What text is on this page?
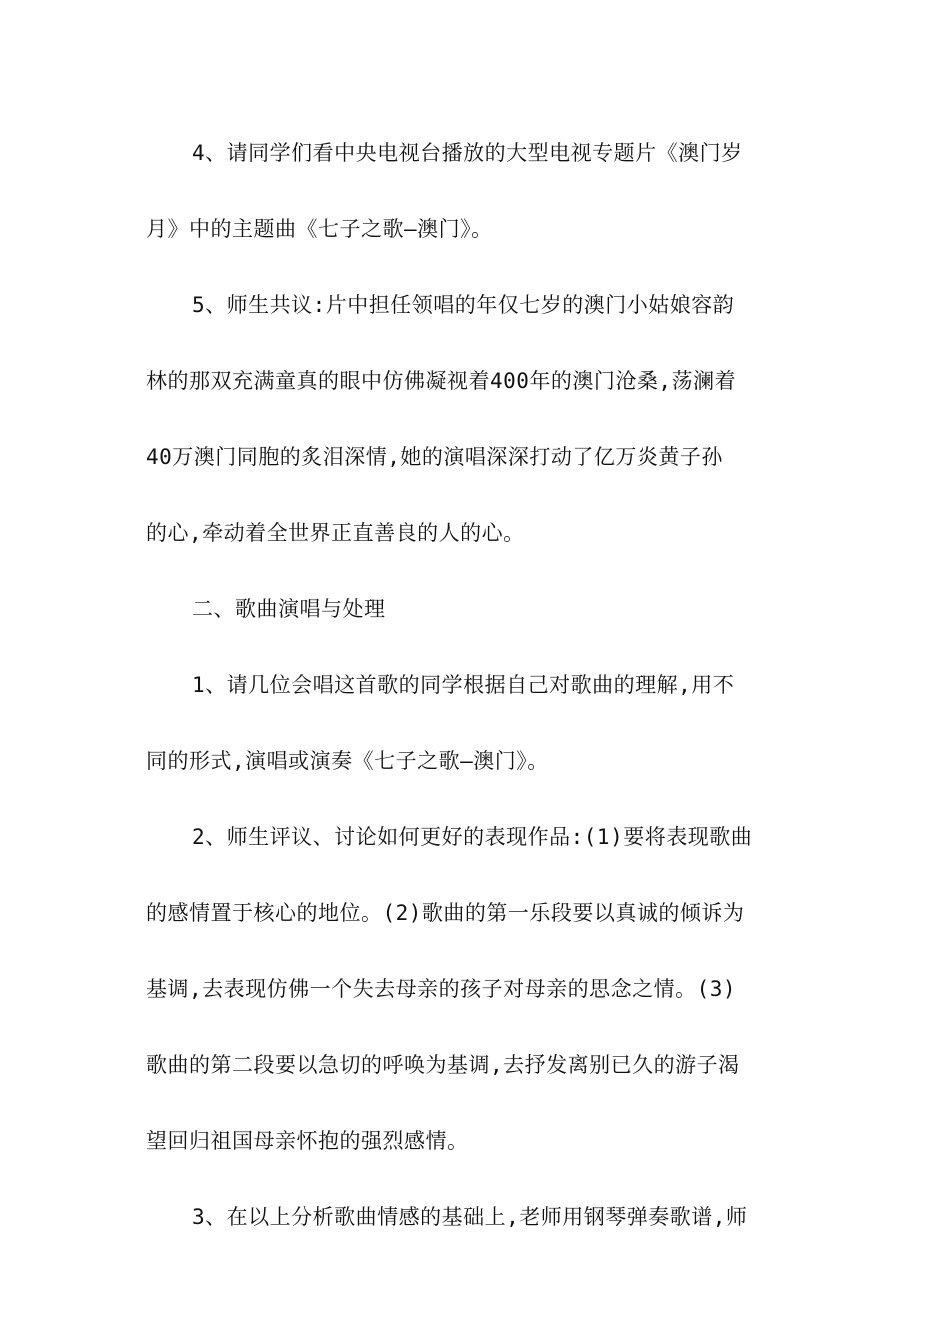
4、请同学们看中央电视台播放的大型电视专题片《澳门岁

月》中的主题曲《七子之歌—澳门》。

5、师生共议:片中担任领唱的年仅七岁的澳门小姑娘容韵

林的那双充满童真的眼中仿佛凝视着400年的澳门沧桑,荡澜着

40万澳门同胞的炙泪深情,她的演唱深深打动了亿万炎黄子孙

的心,牵动着全世界正直善良的人的心。

二、歌曲演唱与处理

1、请几位会唱这首歌的同学根据自己对歌曲的理解,用不

同的形式,演唱或演奏《七子之歌—澳门》。

2、师生评议、讨论如何更好的表现作品:(1)要将表现歌曲

的感情置于核心的地位。(2)歌曲的第一乐段要以真诚的倾诉为

基调,去表现仿佛一个失去母亲的孩子对母亲的思念之情。(3)

歌曲的第二段要以急切的呼唤为基调,去抒发离别已久的游子渴

望回归祖国母亲怀抱的强烈感情。

3、在以上分析歌曲情感的基础上,老师用钢琴弹奏歌谱,师
